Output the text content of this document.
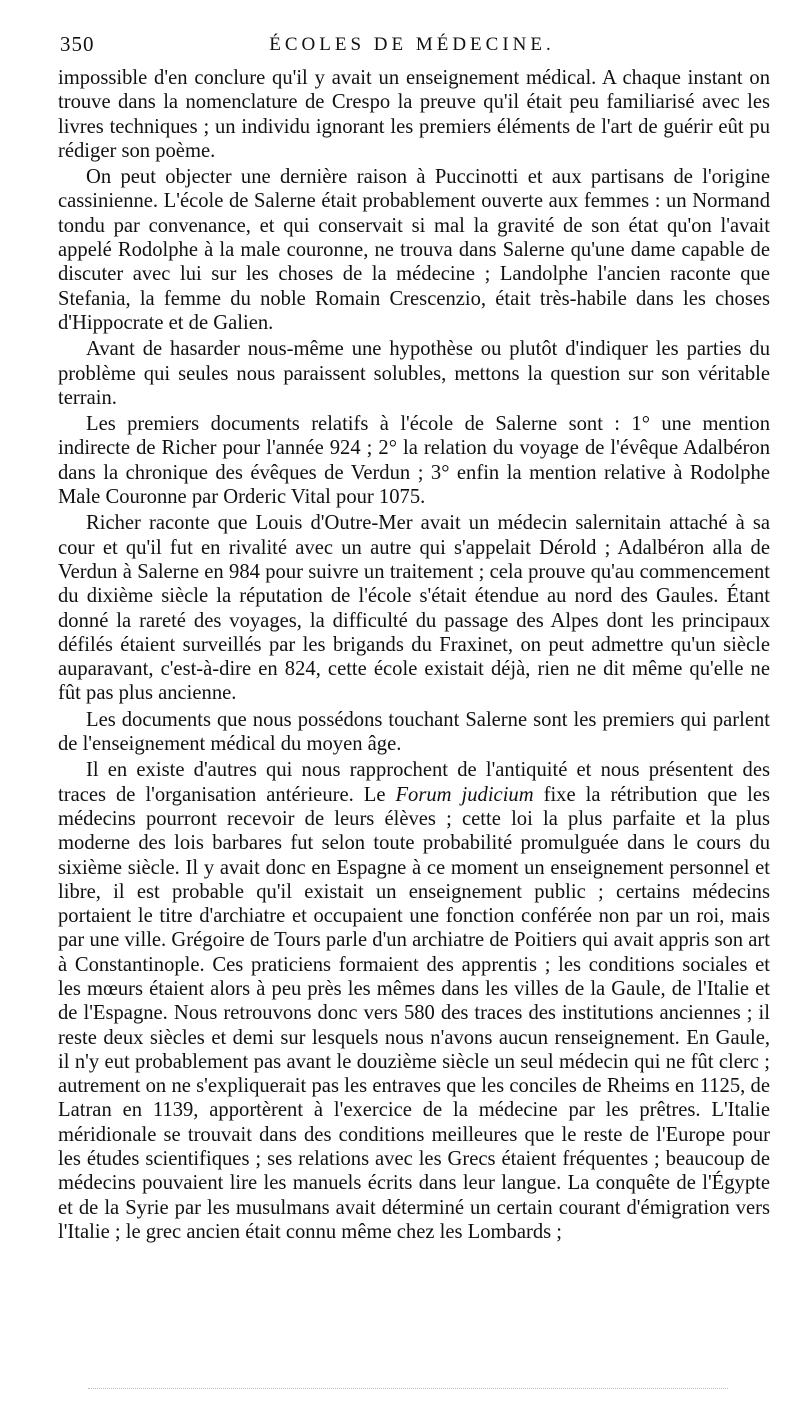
350	ÉCOLES DE MÉDECINE.

impossible d'en conclure qu'il y avait un enseignement médical. A chaque instant on trouve dans la nomenclature de Crespo la preuve qu'il était peu familiarisé avec les livres techniques ; un individu ignorant les premiers éléments de l'art de guérir eût pu rédiger son poème.

On peut objecter une dernière raison à Puccinotti et aux partisans de l'origine cassinienne. L'école de Salerne était probablement ouverte aux femmes : un Normand tondu par convenance, et qui conservait si mal la gravité de son état qu'on l'avait appelé Rodolphe à la male couronne, ne trouva dans Salerne qu'une dame capable de discuter avec lui sur les choses de la médecine ; Landolphe l'ancien raconte que Stefania, la femme du noble Romain Crescenzio, était très-habile dans les choses d'Hippocrate et de Galien.

Avant de hasarder nous-même une hypothèse ou plutôt d'indiquer les parties du problème qui seules nous paraissent solubles, mettons la question sur son véritable terrain.

Les premiers documents relatifs à l'école de Salerne sont : 1° une mention indirecte de Richer pour l'année 924 ; 2° la relation du voyage de l'évêque Adalbéron dans la chronique des évêques de Verdun ; 3° enfin la mention relative à Rodolphe Male Couronne par Orderic Vital pour 1075.

Richer raconte que Louis d'Outre-Mer avait un médecin salernitain attaché à sa cour et qu'il fut en rivalité avec un autre qui s'appelait Dérold ; Adalbéron alla de Verdun à Salerne en 984 pour suivre un traitement ; cela prouve qu'au commencement du dixième siècle la réputation de l'école s'était étendue au nord des Gaules. Étant donné la rareté des voyages, la difficulté du passage des Alpes dont les principaux défilés étaient surveillés par les brigands du Fraxinet, on peut admettre qu'un siècle auparavant, c'est-à-dire en 824, cette école existait déjà, rien ne dit même qu'elle ne fût pas plus ancienne.

Les documents que nous possédons touchant Salerne sont les premiers qui parlent de l'enseignement médical du moyen âge.

Il en existe d'autres qui nous rapprochent de l'antiquité et nous présentent des traces de l'organisation antérieure. Le Forum judicium fixe la rétribution que les médecins pourront recevoir de leurs élèves ; cette loi la plus parfaite et la plus moderne des lois barbares fut selon toute probabilité promulguée dans le cours du sixième siècle. Il y avait donc en Espagne à ce moment un enseignement personnel et libre, il est probable qu'il existait un enseignement public ; certains médecins portaient le titre d'archiatre et occupaient une fonction conférée non par un roi, mais par une ville. Grégoire de Tours parle d'un archiatre de Poitiers qui avait appris son art à Constantinople. Ces praticiens formaient des apprentis ; les conditions sociales et les mœurs étaient alors à peu près les mêmes dans les villes de la Gaule, de l'Italie et de l'Espagne. Nous retrouvons donc vers 580 des traces des institutions anciennes ; il reste deux siècles et demi sur lesquels nous n'avons aucun renseignement. En Gaule, il n'y eut probablement pas avant le douzième siècle un seul médecin qui ne fût clerc ; autrement on ne s'expliquerait pas les entraves que les conciles de Rheims en 1125, de Latran en 1139, apportèrent à l'exercice de la médecine par les prêtres. L'Italie méridionale se trouvait dans des conditions meilleures que le reste de l'Europe pour les études scientifiques ; ses relations avec les Grecs étaient fréquentes ; beaucoup de médecins pouvaient lire les manuels écrits dans leur langue. La conquête de l'Égypte et de la Syrie par les musulmans avait déterminé un certain courant d'émigration vers l'Italie ; le grec ancien était connu même chez les Lombards ;
